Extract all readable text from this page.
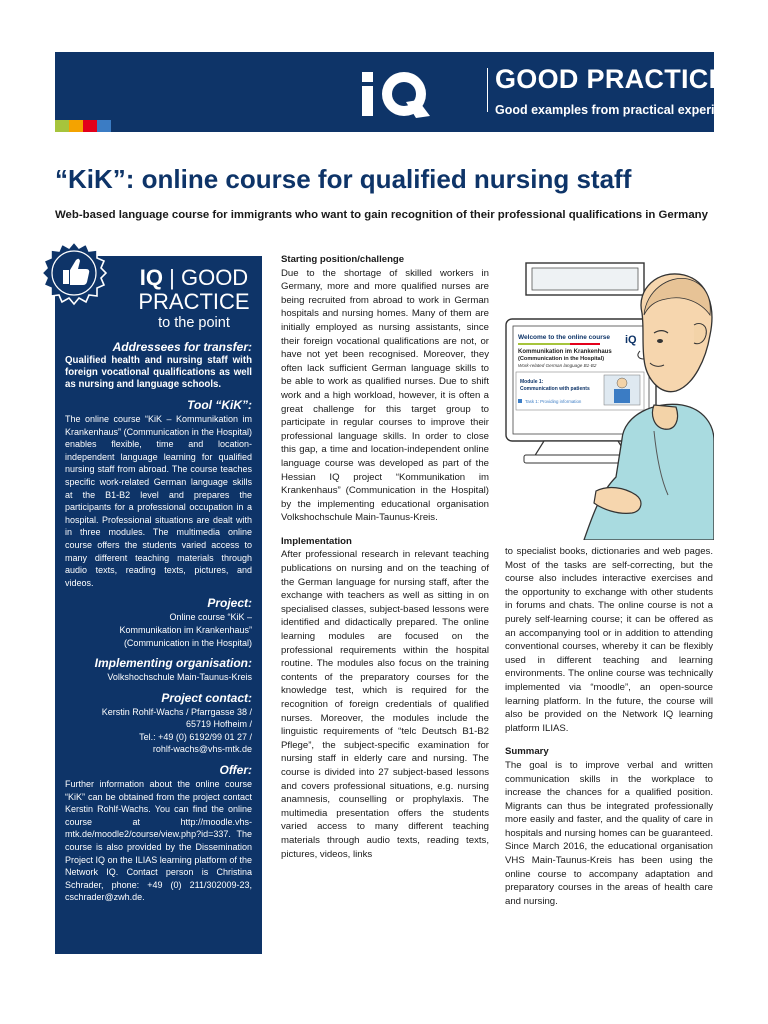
GOOD PRACTICE
Good examples from practical experience
“KiK”: online course for qualified nursing staff
Web-based language course for immigrants who want to gain recognition of their professional qualifications in Germany
IQ | GOOD
PRACTICE
to the point
Addressees for transfer:
Qualified health and nursing staff with foreign vocational qualifications as well as nursing and language schools.
Tool “KiK”:
The online course “KiK – Kommunikation im Krankenhaus” (Communication in the Hospital) enables flexible, time and location-independent language learning for qualified nursing staff from abroad. The course teaches specific work-related German language skills at the B1-B2 level and prepares the participants for a professional occupation in a hospital. Professional situations are dealt with in three modules. The multimedia online course offers the students varied access to many different teaching materials through audio texts, reading texts, pictures, and videos.
Project:
Online course “KiK –
Kommunikation im Krankenhaus”
(Communication in the Hospital)
Implementing organisation:
Volkshochschule Main-Taunus-Kreis
Project contact:
Kerstin Rohlf-Wachs / Pfarrgasse 38 /
65719 Hofheim /
Tel.: +49 (0) 6192/99 01 27 /
rohlf-wachs@vhs-mtk.de
Offer:
Further information about the online course “KiK” can be obtained from the project contact Kerstin Rohlf-Wachs. You can find the online course at http://moodle.vhs-mtk.de/moodle2/course/view.php?id=337. The course is also provided by the Dissemination Project IQ on the ILIAS learning platform of the Network IQ. Contact person is Christina Schrader, phone: +49 (0) 211/302009-23, cschrader@zwh.de.
Starting position/challenge

Due to the shortage of skilled workers in Germany, more and more qualified nurses are being recruited from abroad to work in German hospitals and nursing homes. Many of them are initially employed as nursing assistants, since their foreign vocational qualifications are not, or have not yet been recognised. Moreover, they often lack sufficient German language skills to be able to work as qualified nurses. Due to shift work and a high workload, however, it is often a great challenge for this target group to participate in regular courses to improve their professional language skills. In order to close this gap, a time and location-independent online language course was developed as part of the Hessian IQ project “Kommunikation im Krankenhaus” (Communication in the Hospital) by the implementing educational organisation Volkshochschule Main-Taunus-Kreis.

Implementation

After professional research in relevant teaching publications on nursing and on the teaching of the German language for nursing staff, after the exchange with teachers as well as sitting in on specialised classes, subject-based lessons were identified and didactically prepared. The online learning modules are focused on the professional requirements within the hospital routine. The modules also focus on the training contents of the preparatory courses for the knowledge test, which is required for the recognition of foreign credentials of qualified nurses. Moreover, the modules include the linguistic requirements of “telc Deutsch B1-B2 Pflege”, the subject-specific examination for nursing staff in elderly care and nursing. The course is divided into 27 subject-based lessons and covers professional situations, e.g. nursing anamnesis, counselling or prophylaxis. The multimedia presentation offers the students varied access to many different teaching materials through audio texts, reading texts, pictures, videos, links

Welcome to the online course iQ
Kommunikation im Krankenhaus
(Communication in the Hospital)
Work-related German language B1-B2
Module 1:
Communication with patients
Task 1: Providing information

to specialist books, dictionaries and web pages. Most of the tasks are self-correcting, but the course also includes interactive exercises and the opportunity to exchange with other students in forums and chats. The online course is not a purely self-learning course; it can be offered as an accompanying tool or in addition to attending conventional courses, whereby it can be flexibly used in different teaching and learning environments. The online course was technically implemented via “moodle”, an open-source learning platform. In the future, the course will also be provided on the Network IQ learning platform ILIAS.

Summary

The goal is to improve verbal and written communication skills in the workplace to increase the chances for a qualified position. Migrants can thus be integrated professionally more easily and faster, and the quality of care in hospitals and nursing homes can be guaranteed. Since March 2016, the educational organisation VHS Main-Taunus-Kreis has been using the online course to accompany adaptation and preparatory courses in the areas of health care and nursing.
